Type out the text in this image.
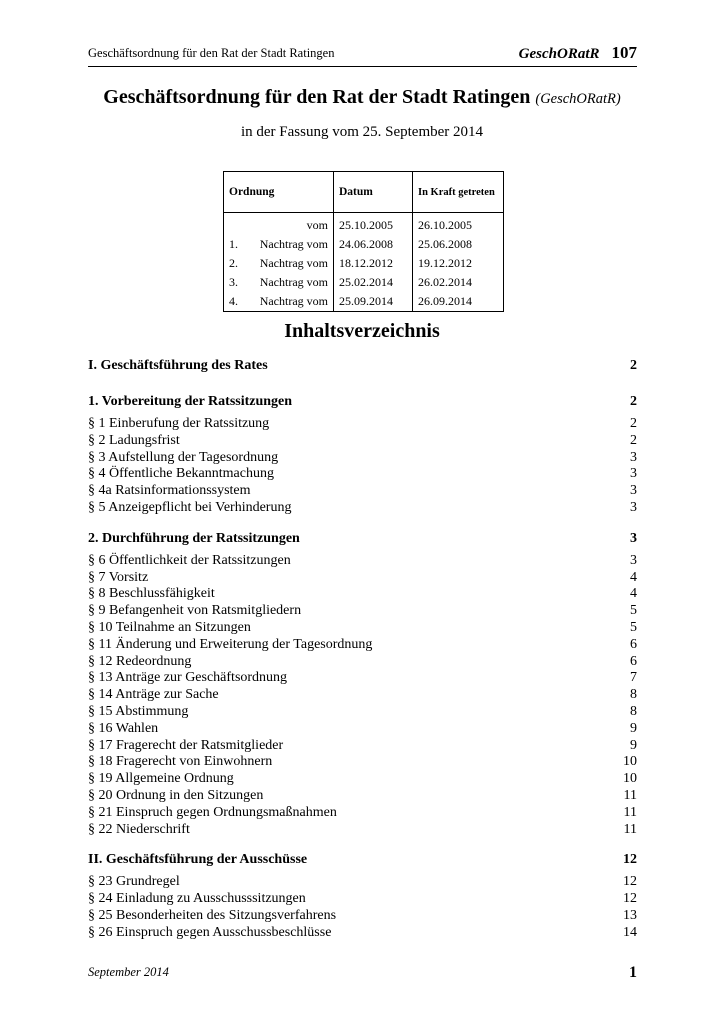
Geschäftsordnung für den Rat der Stadt Ratingen	GeschORatR 107
Geschäftsordnung für den Rat der Stadt Ratingen (GeschORatR)
in der Fassung vom 25. September 2014
Ordnung	Datum	In Kraft getreten

vom	25.10.2005	26.10.2005
1. Nachtrag vom	24.06.2008	25.06.2008
2. Nachtrag vom	18.12.2012	19.12.2012
3. Nachtrag vom	25.02.2014	26.02.2014
4. Nachtrag vom	25.09.2014	26.09.2014
Inhaltsverzeichnis
I. Geschäftsführung des Rates	2
1. Vorbereitung der Ratssitzungen	2
§ 1 Einberufung der Ratssitzung	2
§ 2 Ladungsfrist	2
§ 3 Aufstellung der Tagesordnung	3
§ 4 Öffentliche Bekanntmachung	3
§ 4a Ratsinformationssystem	3
§ 5 Anzeigepflicht bei Verhinderung	3
2. Durchführung der Ratssitzungen	3
§ 6 Öffentlichkeit der Ratssitzungen	3
§ 7 Vorsitz	4
§ 8 Beschlussfähigkeit	4
§ 9 Befangenheit von Ratsmitgliedern	5
§ 10 Teilnahme an Sitzungen	5
§ 11 Änderung und Erweiterung der Tagesordnung	6
§ 12 Redeordnung	6
§ 13 Anträge zur Geschäftsordnung	7
§ 14 Anträge zur Sache	8
§ 15 Abstimmung	8
§ 16 Wahlen	9
§ 17 Fragerecht der Ratsmitglieder	9
§ 18 Fragerecht von Einwohnern	10
§ 19 Allgemeine Ordnung	10
§ 20 Ordnung in den Sitzungen	11
§ 21 Einspruch gegen Ordnungsmaßnahmen	11
§ 22 Niederschrift	11
II. Geschäftsführung der Ausschüsse	12
§ 23 Grundregel	12
§ 24 Einladung zu Ausschusssitzungen	12
§ 25 Besonderheiten des Sitzungsverfahrens	13
§ 26 Einspruch gegen Ausschussbeschlüsse	14
September 2014	1
